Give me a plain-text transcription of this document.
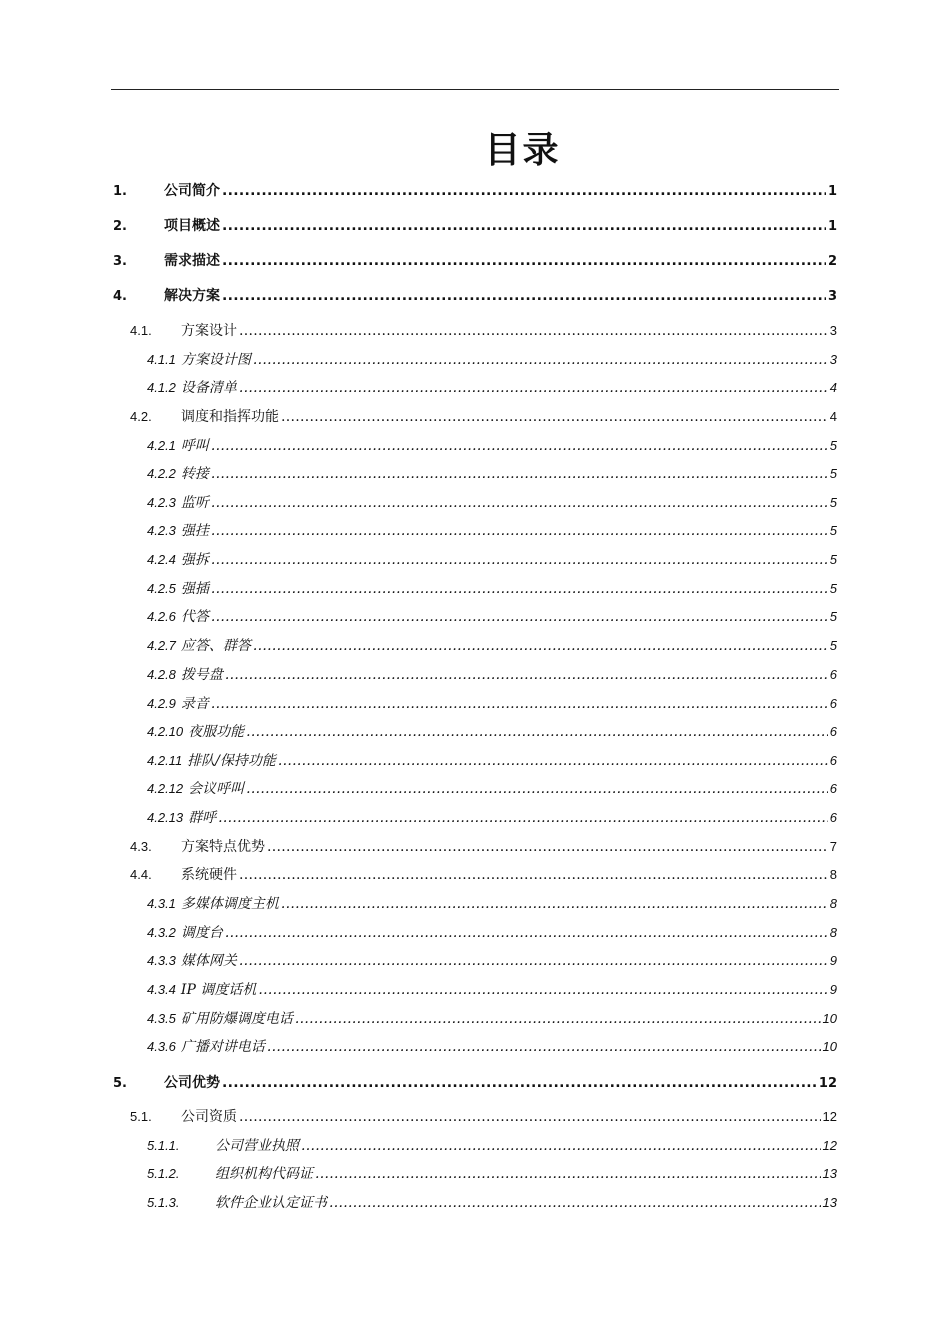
目录
1.	公司简介 .....	1
2.	项目概述 .....	1
3.	需求描述 .....	2
4.	解决方案 .....	3
4.1.	方案设计 .....	3
4.1.1 方案设计图 .....	3
4.1.2 设备清单 .....	4
4.2.	调度和指挥功能 .....	4
4.2.1 呼叫 .....	5
4.2.2 转接 .....	5
4.2.3 监听 .....	5
4.2.3 强挂 .....	5
4.2.4 强拆 .....	5
4.2.5 强插 .....	5
4.2.6 代答 .....	5
4.2.7 应答、群答 .....	5
4.2.8 拨号盘 .....	6
4.2.9 录音 .....	6
4.2.10 夜服功能 .....	6
4.2.11 排队/保持功能 .....	6
4.2.12 会议呼叫 .....	6
4.2.13 群呼 .....	6
4.3.	方案特点优势 .....	7
4.4.	系统硬件 .....	8
4.3.1 多媒体调度主机 .....	8
4.3.2 调度台 .....	8
4.3.3 媒体网关 .....	9
4.3.4 IP 调度话机 .....	9
4.3.5 矿用防爆调度电话 .....	10
4.3.6 广播对讲电话 .....	10
5.	公司优势 .....	12
5.1.	公司资质 .....	12
5.1.1.	公司营业执照 .....	12
5.1.2.	组织机构代码证 .....	13
5.1.3.	软件企业认定证书 .....	13
